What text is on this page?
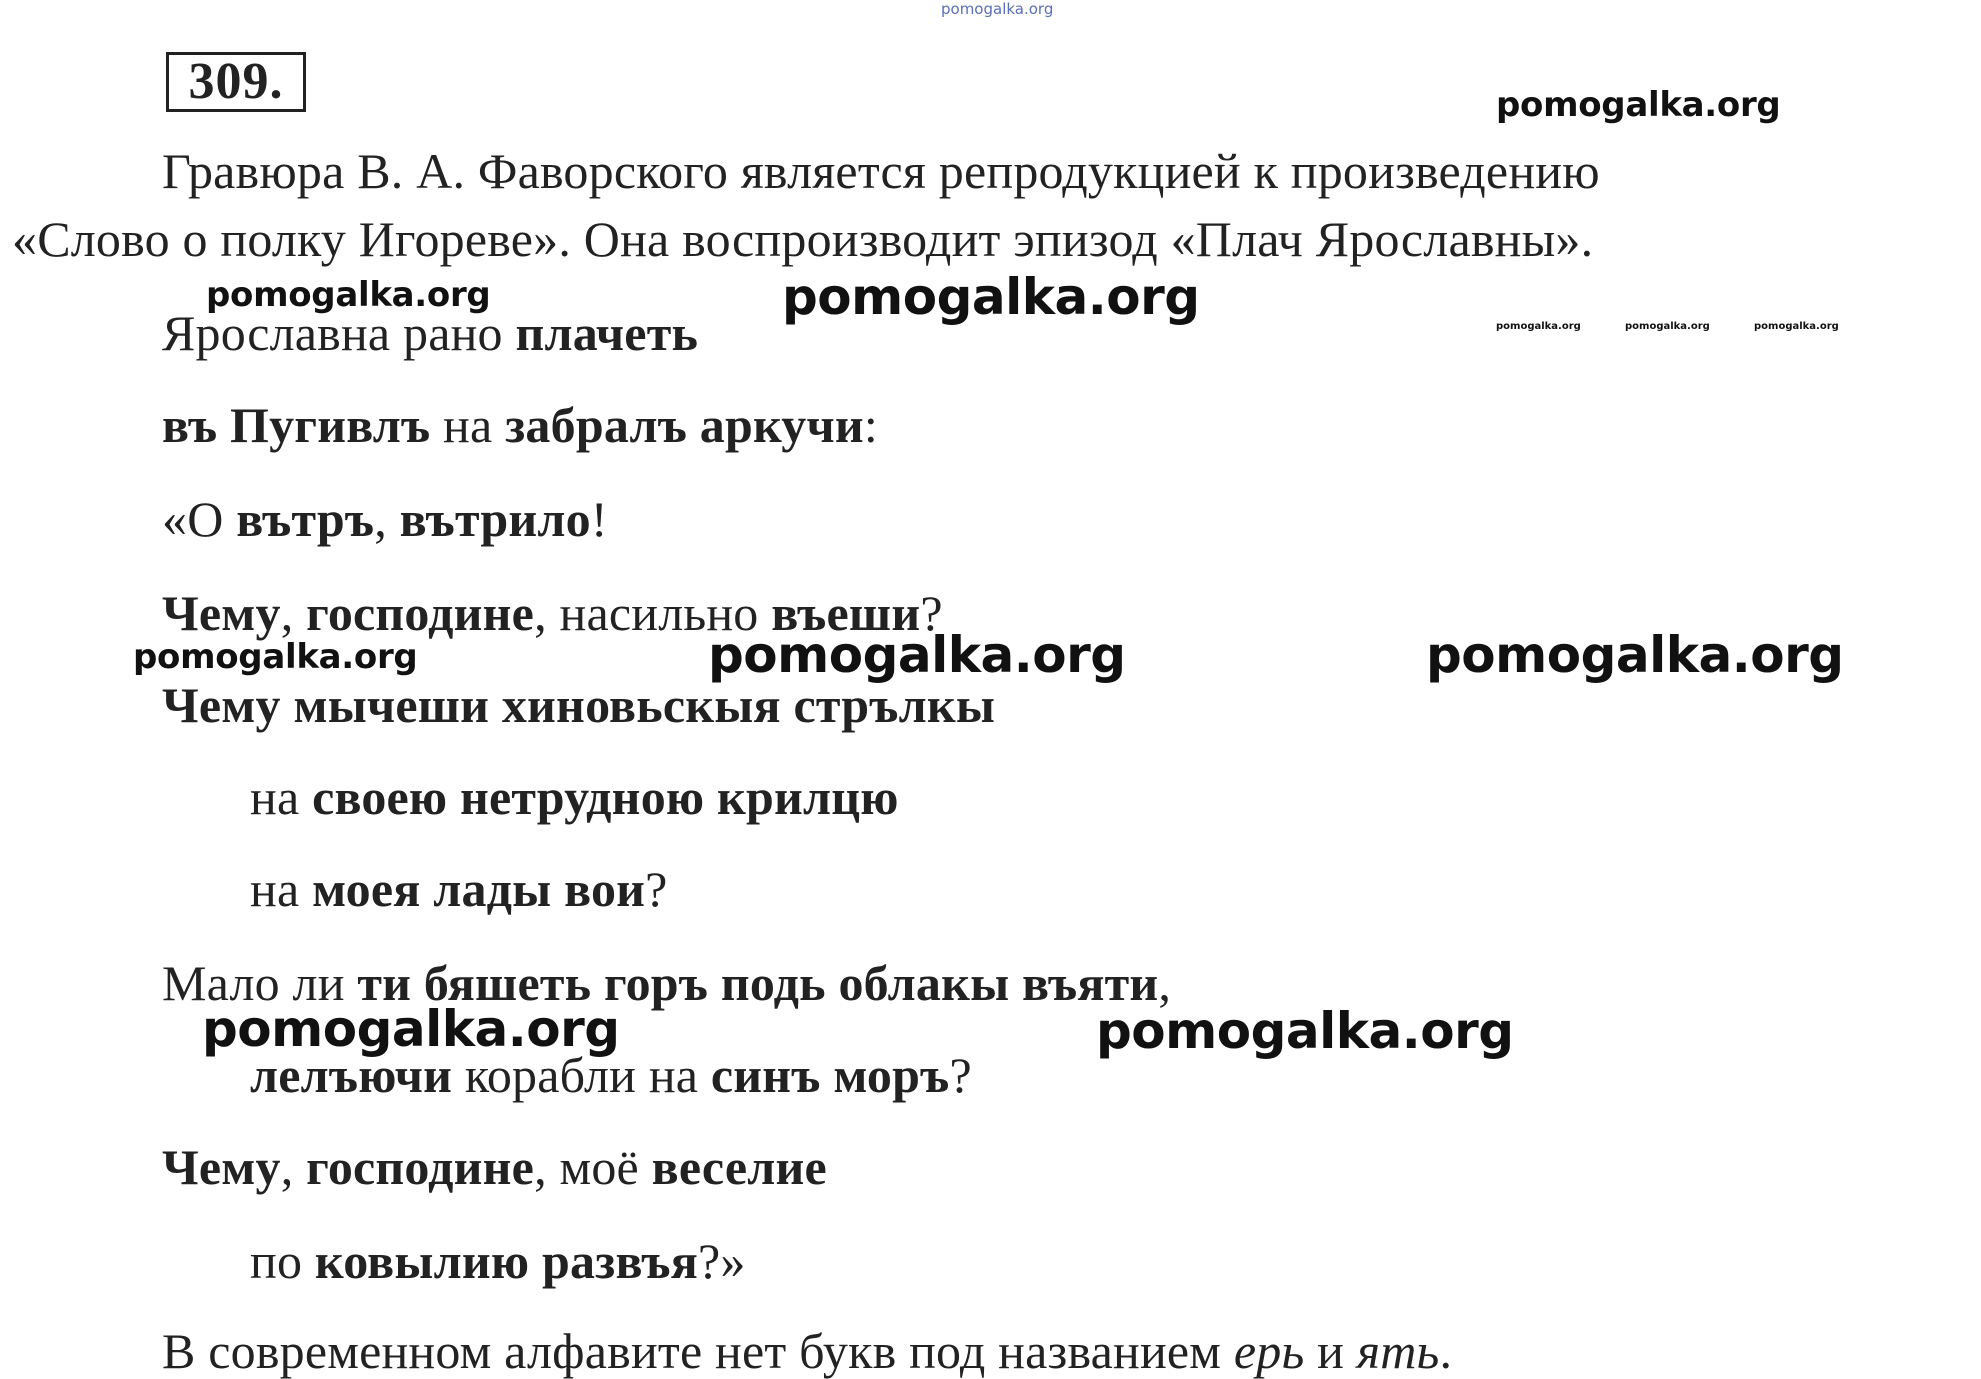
309.
Гравюра В. А. Фаворского является репродукцией к произведению
«Слово о полку Игореве». Она воспроизводит эпизод «Плач Ярославны».
Ярославна рано плачеть
въ Пугивлъ на забралъ аркучи:
«О вътръ, вътрило!
Чему, господине, насильно въеши?
Чему мычеши хиновьскыя стрълкы
на своею нетрудною крилцю
на моея лады вои?
Мало ли ти бяшеть горъ подь облакы въяти,
лелъючи корабли на синъ моръ?
Чему, господине, моё веселие
по ковылию развъя?»
В современном алфавите нет букв под названием ерь и ять.
pomogalka.org
pomogalka.org
pomogalka.org	pomogalka.org
pomogalka.org	pomogalka.org	pomogalka.org
pomogalka.org	pomogalka.org	pomogalka.org
pomogalka.org	pomogalka.org
